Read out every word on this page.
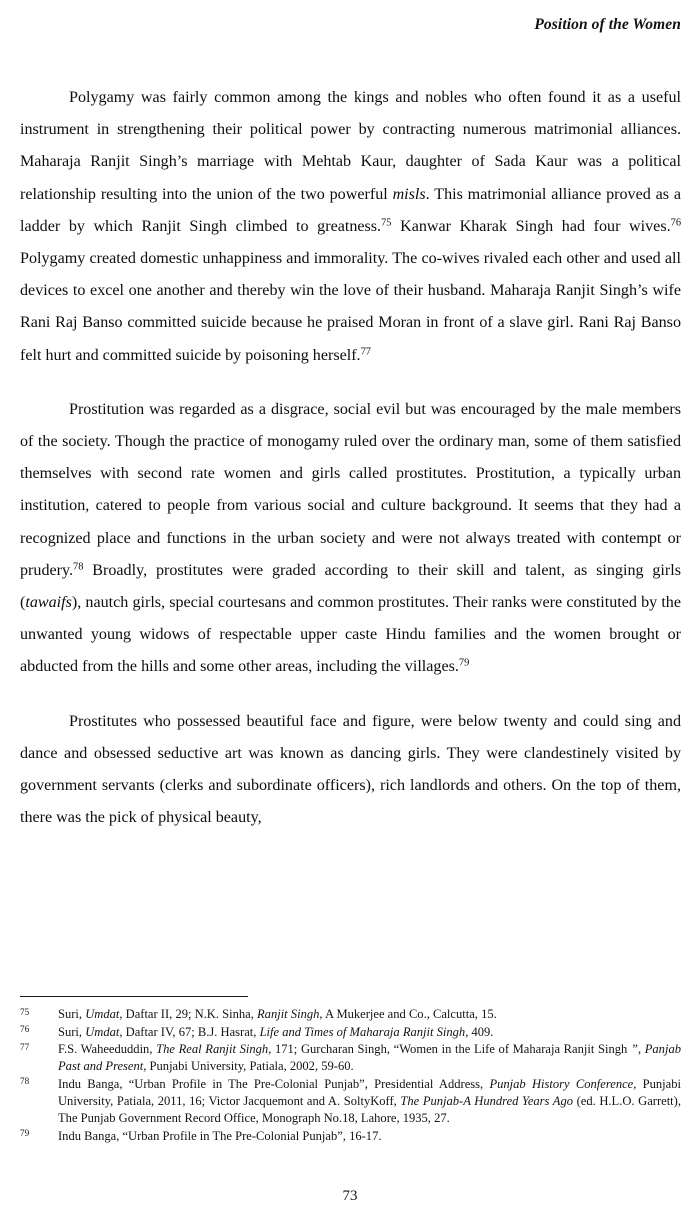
Position of the Women

Polygamy was fairly common among the kings and nobles who often found it as a useful instrument in strengthening their political power by contracting numerous matrimonial alliances. Maharaja Ranjit Singh’s marriage with Mehtab Kaur, daughter of Sada Kaur was a political relationship resulting into the union of the two powerful misls. This matrimonial alliance proved as a ladder by which Ranjit Singh climbed to greatness.$^{75}$ Kanwar Kharak Singh had four wives.$^{76}$ Polygamy created domestic unhappiness and immorality. The co-wives rivaled each other and used all devices to excel one another and thereby win the love of their husband. Maharaja Ranjit Singh’s wife Rani Raj Banso committed suicide because he praised Moran in front of a slave girl. Rani Raj Banso felt hurt and committed suicide by poisoning herself.$^{77}$

Prostitution was regarded as a disgrace, social evil but was encouraged by the male members of the society. Though the practice of monogamy ruled over the ordinary man, some of them satisfied themselves with second rate women and girls called prostitutes. Prostitution, a typically urban institution, catered to people from various social and culture background. It seems that they had a recognized place and functions in the urban society and were not always treated with contempt or prudery.$^{78}$ Broadly, prostitutes were graded according to their skill and talent, as singing girls (tawaifs), nautch girls, special courtesans and common prostitutes. Their ranks were constituted by the unwanted young widows of respectable upper caste Hindu families and the women brought or abducted from the hills and some other areas, including the villages.$^{79}$

Prostitutes who possessed beautiful face and figure, were below twenty and could sing and dance and obsessed seductive art was known as dancing girls. They were clandestinely visited by government servants (clerks and subordinate officers), rich landlords and others. On the top of them, there was the pick of physical beauty,

75	Suri, Umdat, Daftar II, 29; N.K. Sinha, Ranjit Singh, A Mukerjee and Co., Calcutta, 15.
76	Suri, Umdat, Daftar IV, 67; B.J. Hasrat, Life and Times of Maharaja Ranjit Singh, 409.
77	F.S. Waheeduddin, The Real Ranjit Singh, 171; Gurcharan Singh, “Women in the Life of Maharaja Ranjit Singh ”, Panjab Past and Present, Punjabi University, Patiala, 2002, 59-60.
78	Indu Banga, “Urban Profile in The Pre-Colonial Punjab”, Presidential Address, Punjab History Conference, Punjabi University, Patiala, 2011, 16; Victor Jacquemont and A. SoltyKoff, The Punjab-A Hundred Years Ago (ed. H.L.O. Garrett), The Punjab Government Record Office, Monograph No.18, Lahore, 1935, 27.
79	Indu Banga, “Urban Profile in The Pre-Colonial Punjab”, 16-17.
73
